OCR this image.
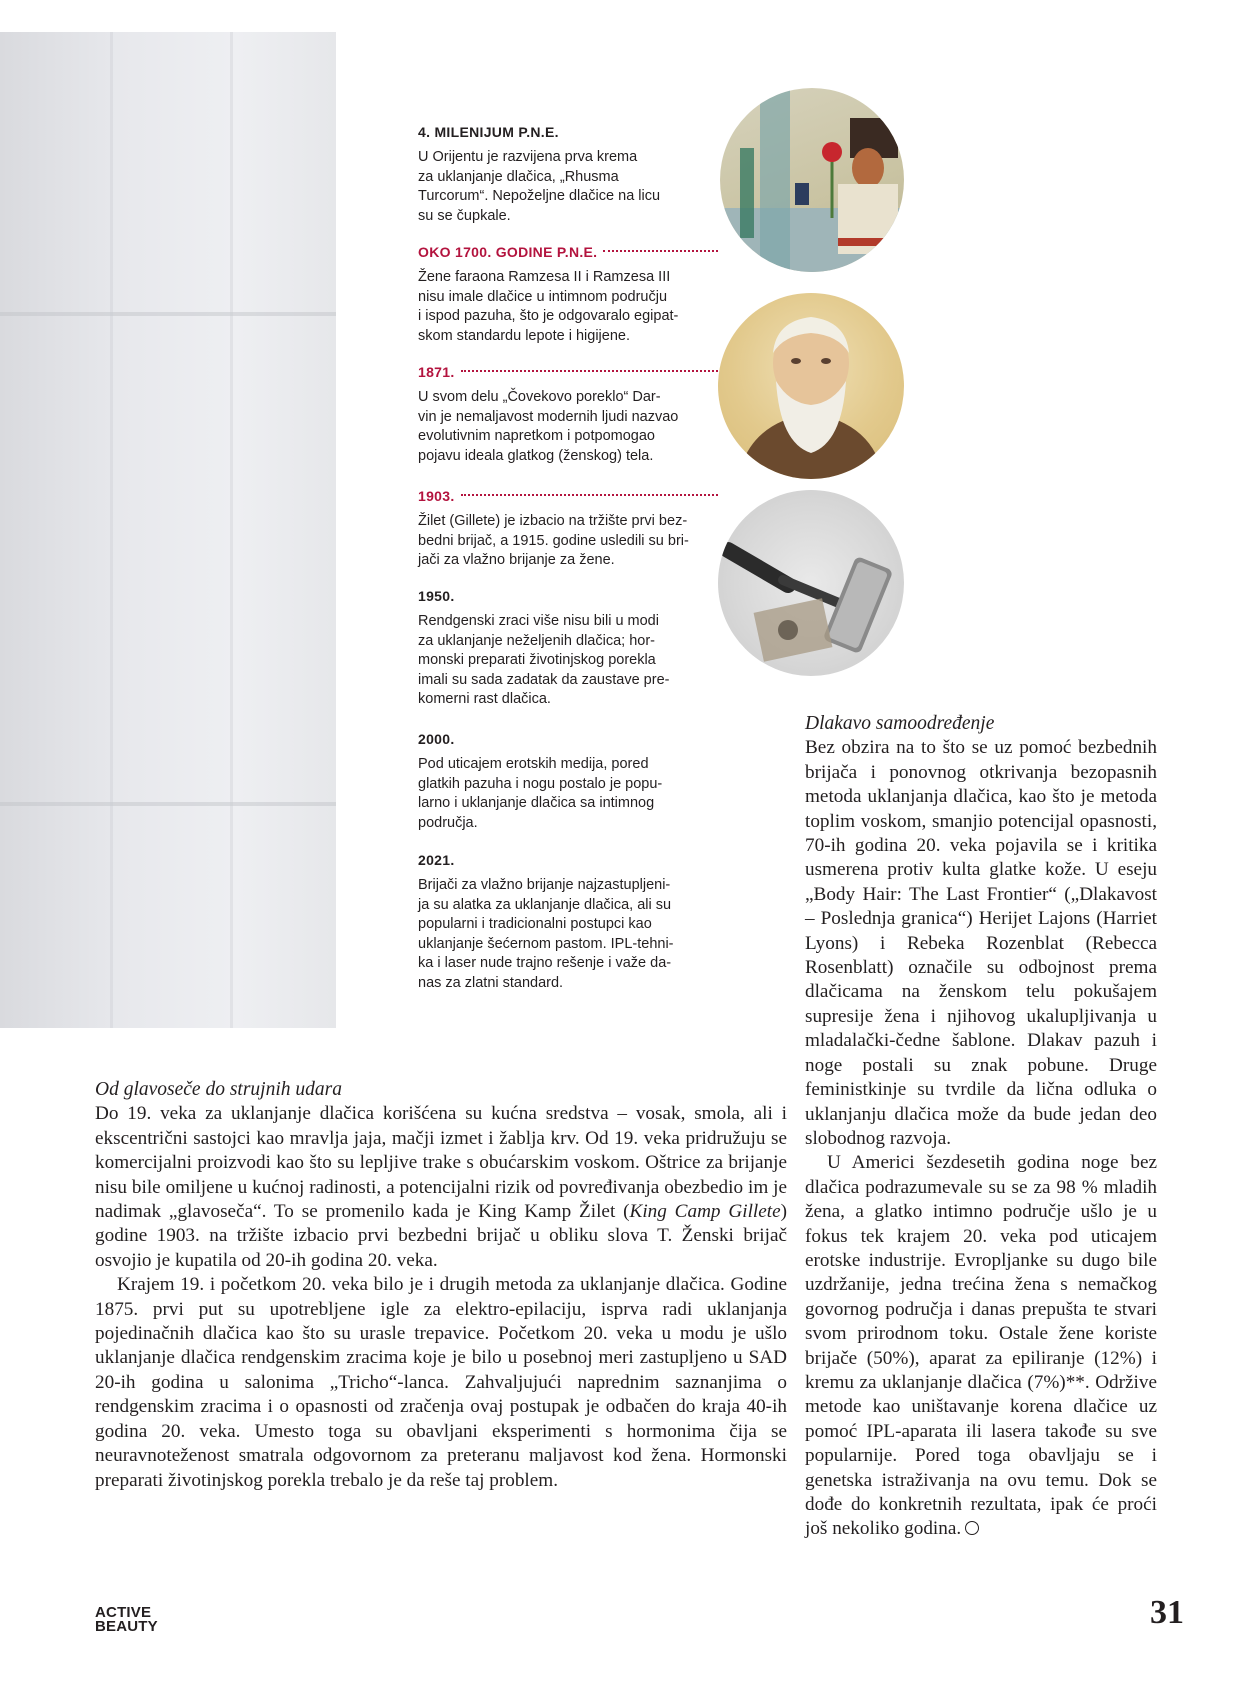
4. MILENIJUM P.N.E.
U Orijentu je razvijena prva krema
za uklanjanje dlačica, „Rhusma
Turcorum“. Nepoželjne dlačice na licu
su se čupkale.
OKO 1700. GODINE P.N.E.
Žene faraona Ramzesa II i Ramzesa III
nisu imale dlačice u intimnom području
i ispod pazuha, što je odgovaralo egipat-
skom standardu lepote i higijene.
1871.
U svom delu „Čovekovo poreklo“ Dar-
vin je nemaljavost modernih ljudi nazvao
evolutivnim napretkom i potpomogao
pojavu ideala glatkog (ženskog) tela.
1903.
Žilet (Gillete) je izbacio na tržište prvi bez-
bedni brijač, a 1915. godine usledili su bri-
jači za vlažno brijanje za žene.
1950.
Rendgenski zraci više nisu bili u modi
za uklanjanje neželjenih dlačica; hor-
monski preparati životinjskog porekla
imali su sada zadatak da zaustave pre-
komerni rast dlačica.
2000.
Pod uticajem erotskih medija, pored
glatkih pazuha i nogu postalo je popu-
larno i uklanjanje dlačica sa intimnog
područja.
2021.
Brijači za vlažno brijanje najzastupljeni-
ja su alatka za uklanjanje dlačica, ali su
popularni i tradicionalni postupci kao
uklanjanje šećernom pastom. IPL-tehni-
ka i laser nude trajno rešenje i važe da-
nas za zlatni standard.
Od glavoseče do strujnih udara

Do 19. veka za uklanjanje dlačica korišćena su kućna sredstva – vosak, smola, ali i ekscentrični sastojci kao mravlja jaja, mačji izmet i žablja krv. Od 19. veka pridružuju se komercijalni proizvodi kao što su lepljive trake s obućarskim voskom. Oštrice za brijanje nisu bile omiljene u kućnoj radinosti, a potencijalni rizik od povređivanja obezbedio im je nadimak „glavoseča“. To se promenilo kada je King Kamp Žilet (King Camp Gillete) godine 1903. na tržište izbacio prvi bezbedni brijač u obliku slova T. Ženski brijač osvojio je kupatila od 20-ih godina 20. veka.

Krajem 19. i početkom 20. veka bilo je i drugih metoda za uklanjanje dlačica. Godine 1875. prvi put su upotrebljene igle za elektro-epilaciju, isprva radi uklanjanja pojedinačnih dlačica kao što su urasle trepavice. Početkom 20. veka u modu je ušlo uklanjanje dlačica rendgenskim zracima koje je bilo u posebnoj meri zastupljeno u SAD 20-ih godina u salonima „Tricho“-lanca. Zahvaljujući naprednim saznanjima o rendgenskim zracima i o opasnosti od zračenja ovaj postupak je odbačen do kraja 40-ih godina 20. veka. Umesto toga su obavljani eksperimenti s hormonima čija se neuravnoteženost smatrala odgovornom za preteranu maljavost kod žena. Hormonski preparati životinjskog porekla trebalo je da reše taj problem.

Dlakavo samoodređenje

Bez obzira na to što se uz pomoć bezbednih brijača i ponovnog otkrivanja bezopasnih metoda uklanjanja dlačica, kao što je metoda toplim voskom, smanjio potencijal opasnosti, 70-ih godina 20. veka pojavila se i kritika usmerena protiv kulta glatke kože. U eseju „Body Hair: The Last Frontier“ („Dlakavost – Poslednja granica“) Herijet Lajons (Harriet Lyons) i Rebeka Rozenblat (Rebecca Rosenblatt) označile su odbojnost prema dlačicama na ženskom telu pokušajem supresije žena i njihovog ukalupljivanja u mladalački-čedne šablone. Dlakav pazuh i noge postali su znak pobune. Druge feministkinje su tvrdile da lična odluka o uklanjanju dlačica može da bude jedan deo slobodnog razvoja.

U Americi šezdesetih godina noge bez dlačica podrazumevale su se za 98 % mladih žena, a glatko intimno područje ušlo je u fokus tek krajem 20. veka pod uticajem erotske industrije. Evropljanke su dugo bile uzdržanije, jedna trećina žena s nemačkog govornog područja i danas prepušta te stvari svom prirodnom toku. Ostale žene koriste brijače (50%), aparat za epiliranje (12%) i kremu za uklanjanje dlačica (7%)**. Održive metode kao uništavanje korena dlačice uz pomoć IPL-aparata ili lasera takođe su sve popularnije. Pored toga obavljaju se i genetska istraživanja na ovu temu. Dok se dođe do konkretnih rezultata, ipak će proći još nekoliko godina.

ACTIVE
BEAUTY	31
